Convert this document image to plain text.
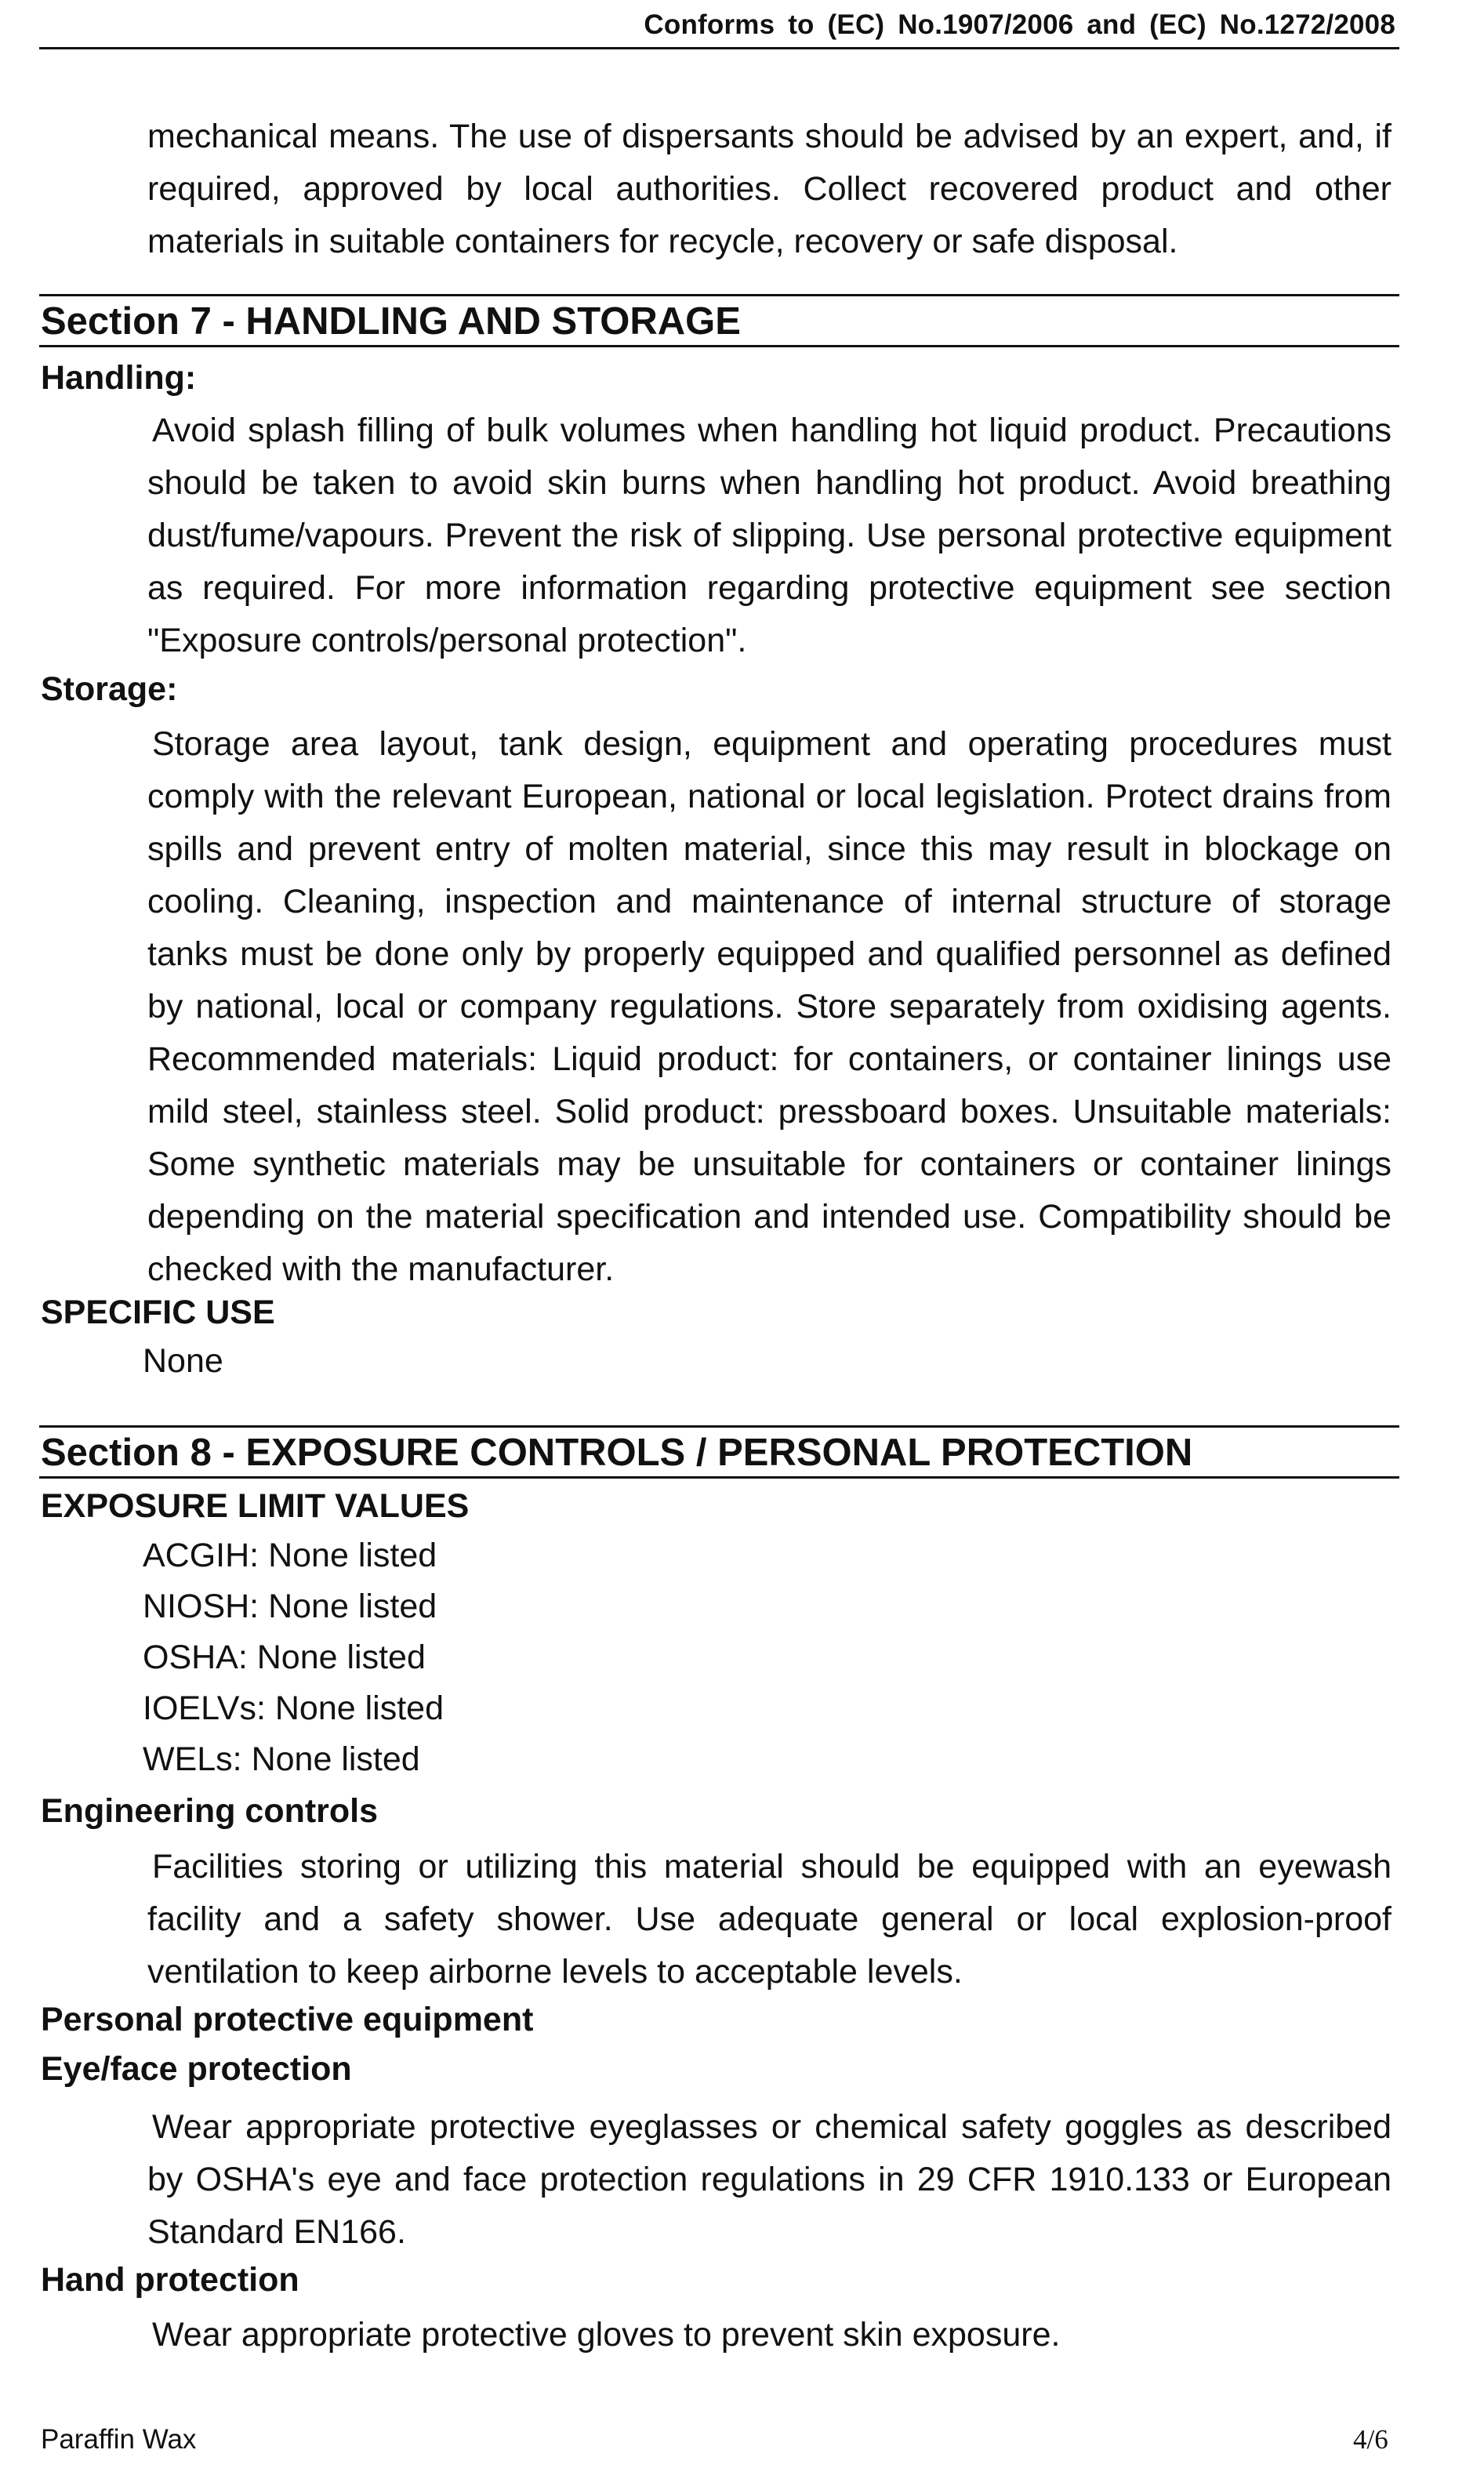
Conforms to (EC) No.1907/2006 and (EC) No.1272/2008

mechanical means. The use of dispersants should be advised by an expert, and, if required, approved by local authorities. Collect recovered product and other materials in suitable containers for recycle, recovery or safe disposal.

Section 7 - HANDLING AND STORAGE
Handling:

Avoid splash filling of bulk volumes when handling hot liquid product. Precautions should be taken to avoid skin burns when handling hot product. Avoid breathing dust/fume/vapours. Prevent the risk of slipping. Use personal protective equipment as required. For more information regarding protective equipment see section "Exposure controls/personal protection".

Storage:

Storage area layout, tank design, equipment and operating procedures must comply with the relevant European, national or local legislation. Protect drains from spills and prevent entry of molten material, since this may result in blockage on cooling. Cleaning, inspection and maintenance of internal structure of storage tanks must be done only by properly equipped and qualified personnel as defined by national, local or company regulations. Store separately from oxidising agents. Recommended materials: Liquid product: for containers, or container linings use mild steel, stainless steel. Solid product: pressboard boxes. Unsuitable materials: Some synthetic materials may be unsuitable for containers or container linings depending on the material specification and intended use. Compatibility should be checked with the manufacturer.

SPECIFIC USE
None
Section 8 - EXPOSURE CONTROLS / PERSONAL PROTECTION
EXPOSURE LIMIT VALUES
ACGIH: None listed
NIOSH: None listed
OSHA: None listed
IOELVs: None listed
WELs: None listed
Engineering controls

Facilities storing or utilizing this material should be equipped with an eyewash facility and a safety shower. Use adequate general or local explosion-proof ventilation to keep airborne levels to acceptable levels.

Personal protective equipment
Eye/face protection

Wear appropriate protective eyeglasses or chemical safety goggles as described by OSHA's eye and face protection regulations in 29 CFR 1910.133 or European Standard EN166.

Hand protection

Wear appropriate protective gloves to prevent skin exposure.

Paraffin Wax	4/6
